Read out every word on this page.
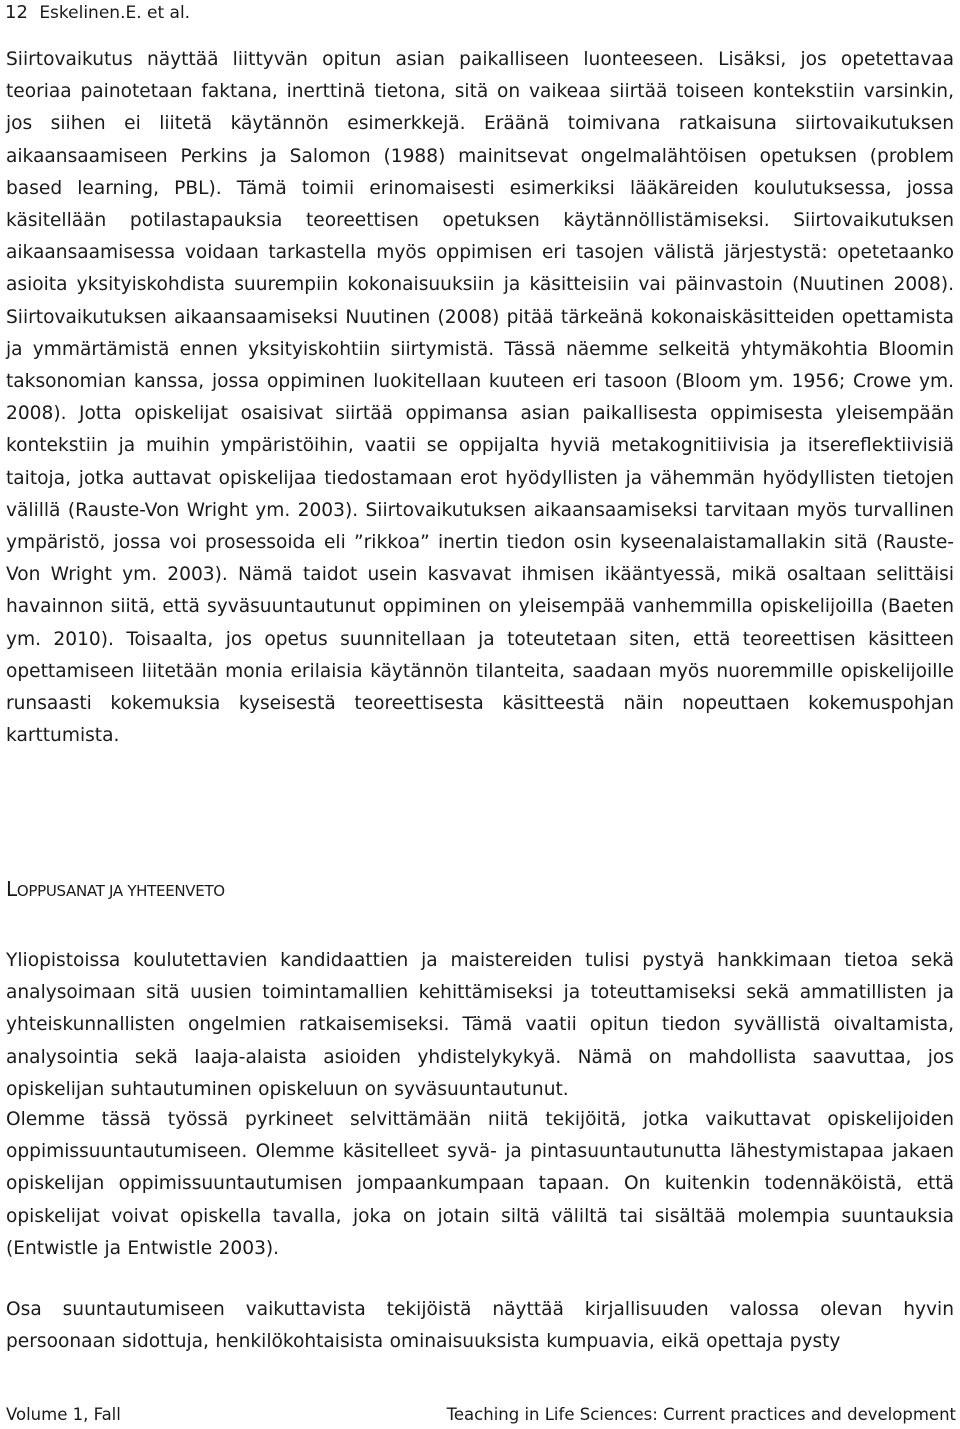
12 Eskelinen.E. et al.

Siirtovaikutus näyttää liittyvän opitun asian paikalliseen luonteeseen. Lisäksi, jos opetettavaa teoriaa painotetaan faktana, inerttinä tietona, sitä on vaikeaa siirtää toiseen kontekstiin varsinkin, jos siihen ei liitetä käytännön esimerkkejä. Eräänä toimivana ratkaisuna siirtovaikutuksen aikaansaamiseen Perkins ja Salomon (1988) mainitsevat ongelmalähtöisen opetuksen (problem based learning, PBL). Tämä toimii erinomaisesti esimerkiksi lääkäreiden koulutuksessa, jossa käsitellään potilastapauksia teoreettisen opetuksen käytännöllistämiseksi. Siirtovaikutuksen aikaansaamisessa voidaan tarkastella myös oppimisen eri tasojen välistä järjestystä: opetetaanko asioita yksityiskohdista suurempiin kokonaisuuksiin ja käsitteisiin vai päinvastoin (Nuutinen 2008). Siirtovaikutuksen aikaansaamiseksi Nuutinen (2008) pitää tärkeänä kokonaiskäsitteiden opettamista ja ymmärtämistä ennen yksityiskohtiin siirtymistä. Tässä näemme selkeitä yhtymäkohtia Bloomin taksonomian kanssa, jossa oppiminen luokitellaan kuuteen eri tasoon (Bloom ym. 1956; Crowe ym. 2008). Jotta opiskelijat osaisivat siirtää oppimansa asian paikallisesta oppimisesta yleisempään kontekstiin ja muihin ympäristöihin, vaatii se oppijalta hyviä metakognitiivisia ja itsereflektiivisiä taitoja, jotka auttavat opiskelijaa tiedostamaan erot hyödyllisten ja vähemmän hyödyllisten tietojen välillä (Rauste-Von Wright ym. 2003). Siirtovaikutuksen aikaansaamiseksi tarvitaan myös turvallinen ympäristö, jossa voi prosessoida eli ”rikkoa” inertin tiedon osin kyseenalaistamallakin sitä (Rauste-Von Wright ym. 2003). Nämä taidot usein kasvavat ihmisen ikääntyessä, mikä osaltaan selittäisi havainnon siitä, että syväsuuntautunut oppiminen on yleisempää vanhemmilla opiskelijoilla (Baeten ym. 2010). Toisaalta, jos opetus suunnitellaan ja toteutetaan siten, että teoreettisen käsitteen opettamiseen liitetään monia erilaisia käytännön tilanteita, saadaan myös nuoremmille opiskelijoille runsaasti kokemuksia kyseisestä teoreettisesta käsitteestä näin nopeuttaen kokemuspohjan karttumista.

LOPPUSANAT JA YHTEENVETO

Yliopistoissa koulutettavien kandidaattien ja maistereiden tulisi pystyä hankkimaan tietoa sekä analysoimaan sitä uusien toimintamallien kehittämiseksi ja toteuttamiseksi sekä ammatillisten ja yhteiskunnallisten ongelmien ratkaisemiseksi. Tämä vaatii opitun tiedon syvällistä oivaltamista, analysointia sekä laaja-alaista asioiden yhdistelykykyä. Nämä on mahdollista saavuttaa, jos opiskelijan suhtautuminen opiskeluun on syväsuuntautunut.

Olemme tässä työssä pyrkineet selvittämään niitä tekijöitä, jotka vaikuttavat opiskelijoiden oppimissuuntautumiseen. Olemme käsitelleet syvä- ja pintasuuntautunutta lähestymistapaa jakaen opiskelijan oppimissuuntautumisen jompaankumpaan tapaan. On kuitenkin todennäköistä, että opiskelijat voivat opiskella tavalla, joka on jotain siltä väliltä tai sisältää molempia suuntauksia (Entwistle ja Entwistle 2003).

Osa suuntautumiseen vaikuttavista tekijöistä näyttää kirjallisuuden valossa olevan hyvin persoonaan sidottuja, henkilökohtaisista ominaisuuksista kumpuavia, eikä opettaja pysty

Volume 1, Fall	Teaching in Life Sciences: Current practices and development
